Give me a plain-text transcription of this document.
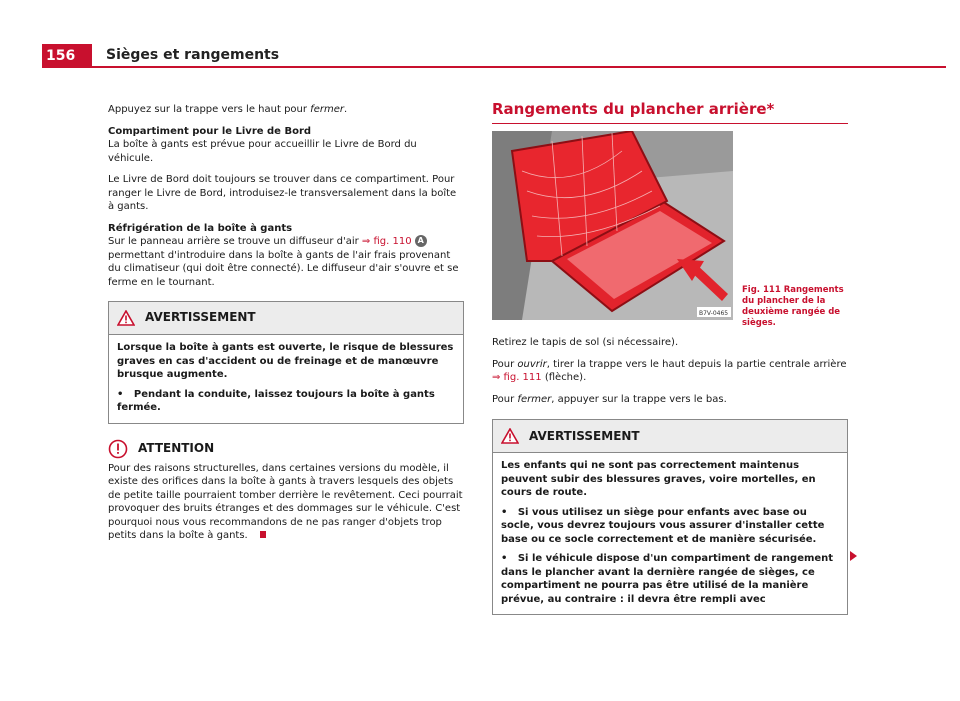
156	Sièges et rangements

Appuyez sur la trappe vers le haut pour fermer.

Compartiment pour le Livre de Bord

La boîte à gants est prévue pour accueillir le Livre de Bord du véhicule.

Le Livre de Bord doit toujours se trouver dans ce compartiment. Pour ranger le Livre de Bord, introduisez-le transversalement dans la boîte à gants.

Réfrigération de la boîte à gants

Sur le panneau arrière se trouve un diffuseur d'air ⇒ fig. 110 A permettant d'introduire dans la boîte à gants de l'air frais provenant du climatiseur (qui doit être connecté). Le diffuseur d'air s'ouvre et se ferme en le tournant.

AVERTISSEMENT

Lorsque la boîte à gants est ouverte, le risque de blessures graves en cas d'accident ou de freinage et de manœuvre brusque augmente.

• Pendant la conduite, laissez toujours la boîte à gants fermée.

ATTENTION
Pour des raisons structurelles, dans certaines versions du modèle, il existe des orifices dans la boîte à gants à travers lesquels des objets de petite taille pourraient tomber derrière le revêtement. Ceci pourrait provoquer des bruits étranges et des dommages sur le véhicule. C'est pourquoi nous vous recommandons de ne pas ranger d'objets trop petits dans la boîte à gants.

Rangements du plancher arrière*

B7V-0465
Fig. 111 Rangements du plancher de la deuxième rangée de sièges.

Retirez le tapis de sol (si nécessaire).

Pour ouvrir, tirer la trappe vers le haut depuis la partie centrale arrière ⇒ fig. 111 (flèche).

Pour fermer, appuyer sur la trappe vers le bas.

AVERTISSEMENT

Les enfants qui ne sont pas correctement maintenus peuvent subir des blessures graves, voire mortelles, en cours de route.

• Si vous utilisez un siège pour enfants avec base ou socle, vous devrez toujours vous assurer d'installer cette base ou ce socle correctement et de manière sécurisée.

• Si le véhicule dispose d'un compartiment de rangement dans le plancher avant la dernière rangée de sièges, ce compartiment ne pourra pas être utilisé de la manière prévue, au contraire : il devra être rempli avec
